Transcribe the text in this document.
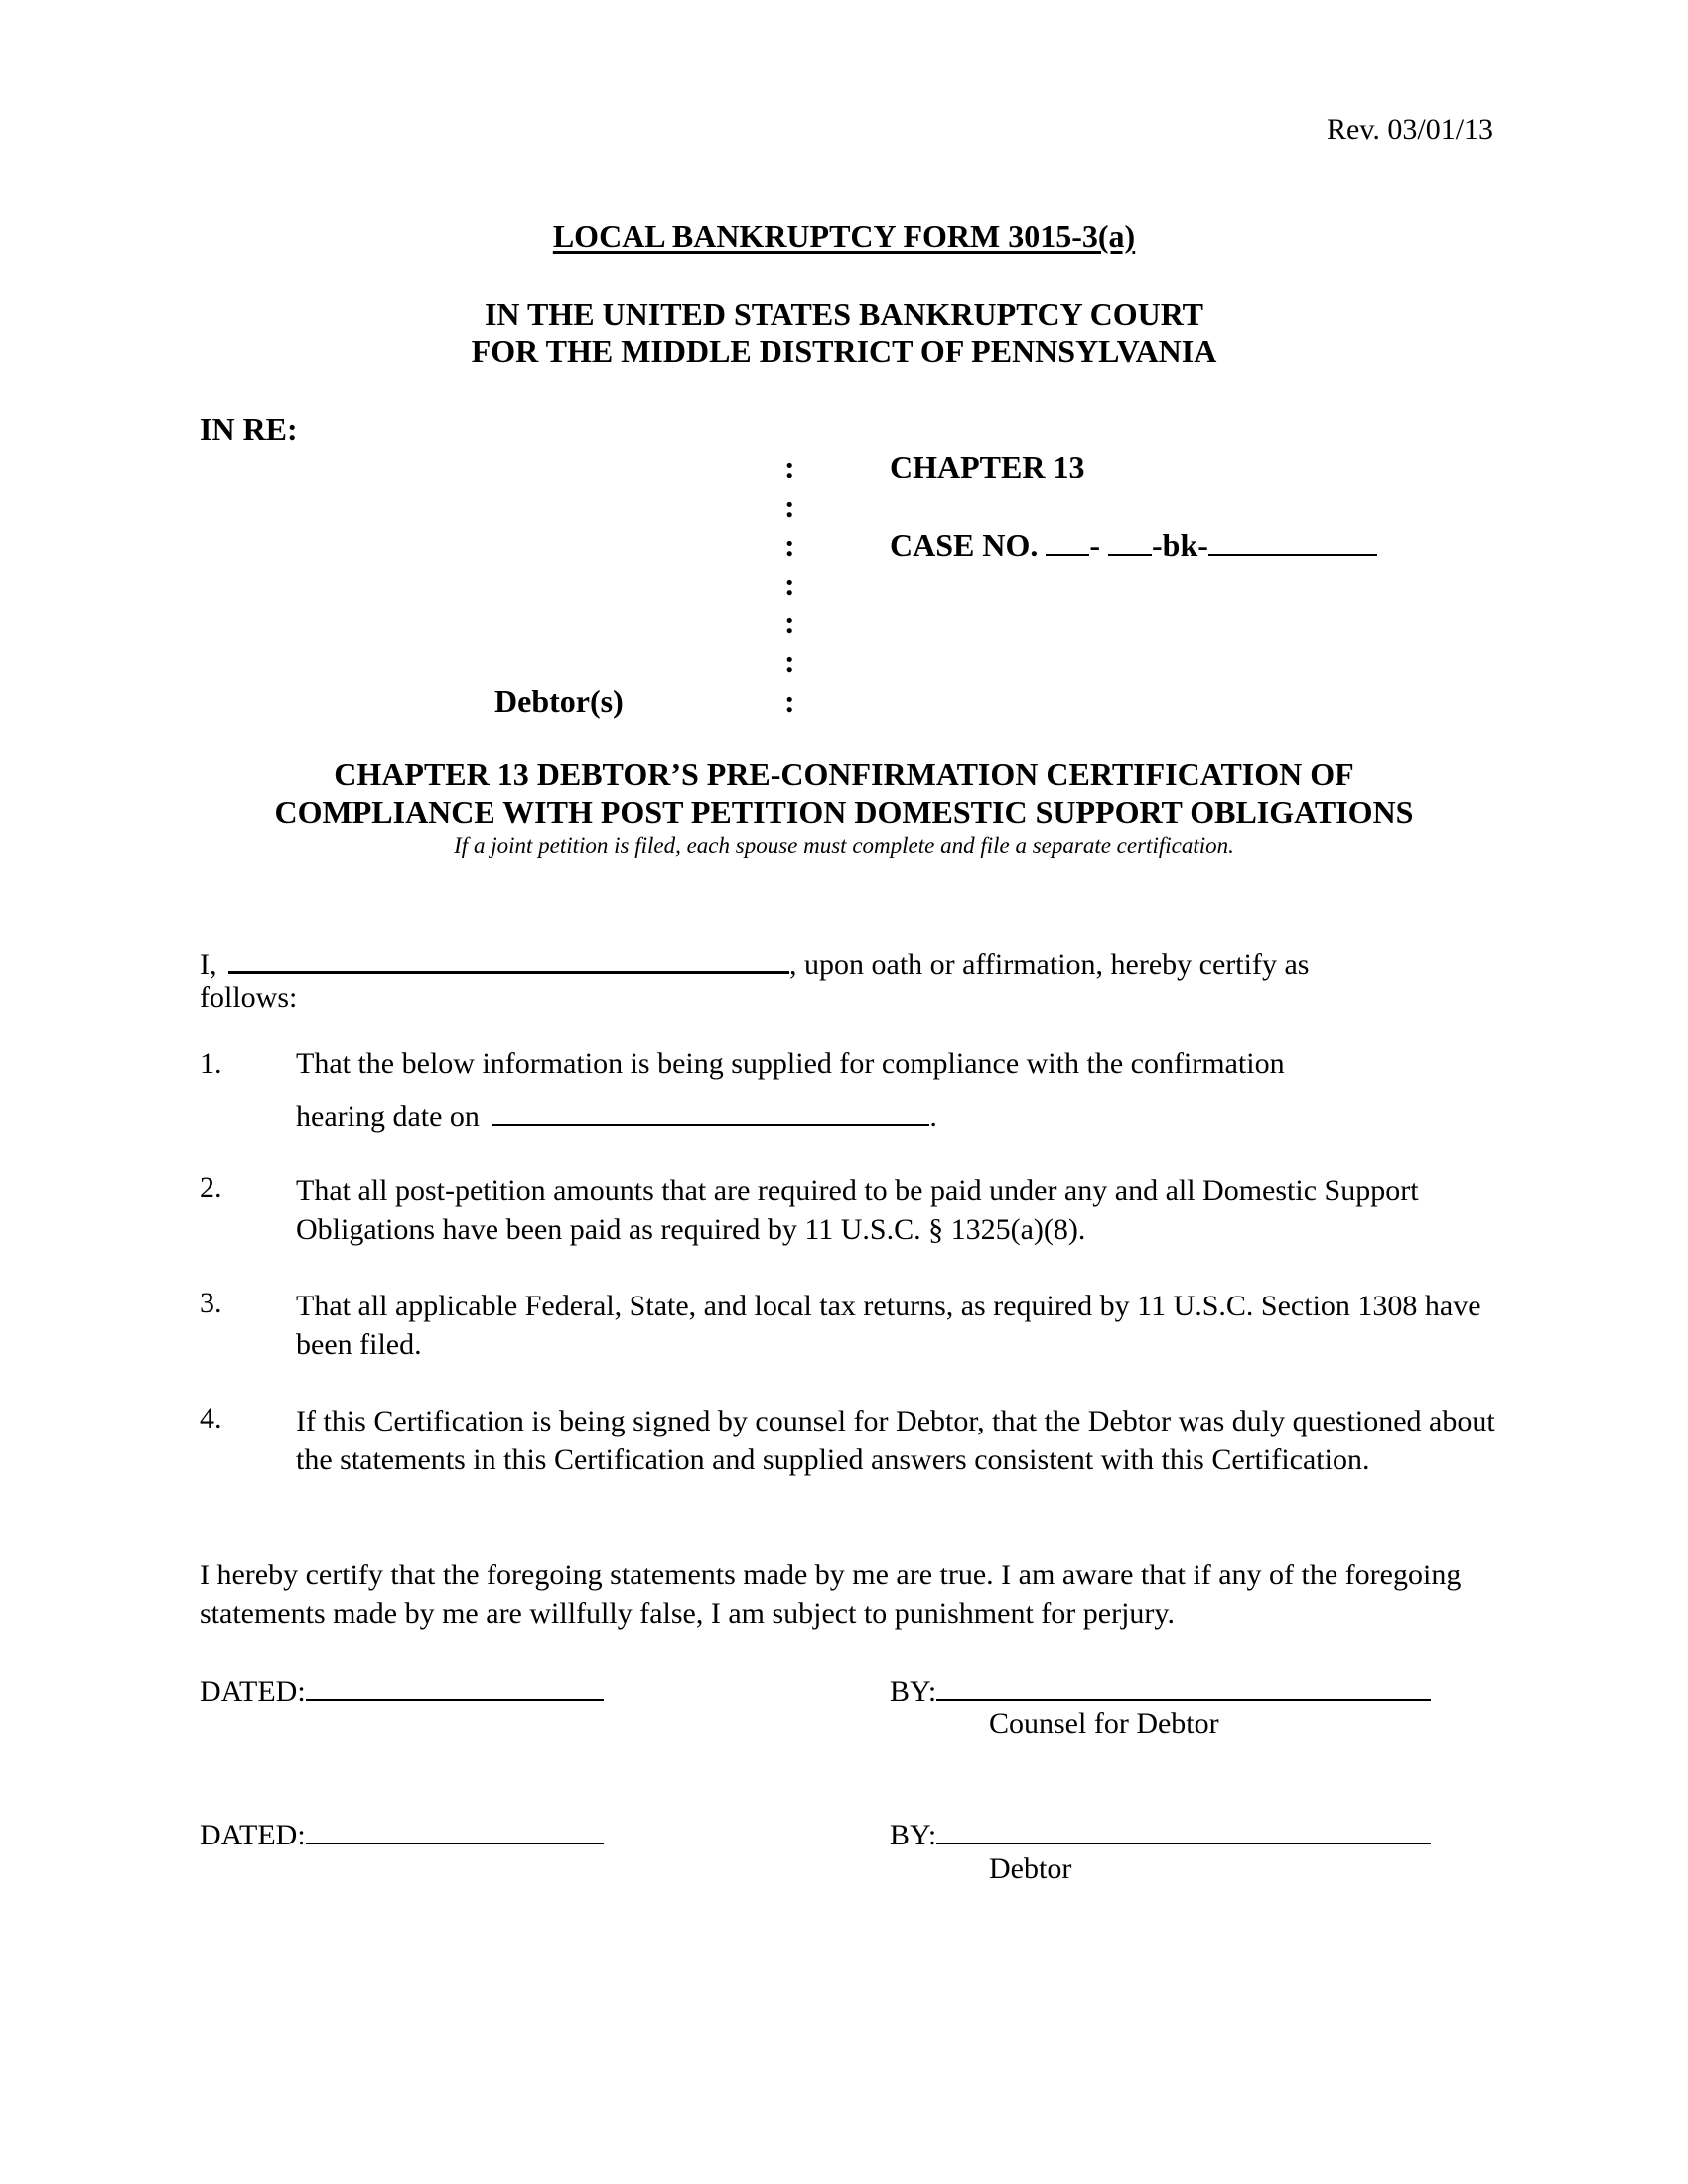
Rev. 03/01/13
LOCAL BANKRUPTCY FORM 3015-3(a)
IN THE UNITED STATES BANKRUPTCY COURT
FOR THE MIDDLE DISTRICT OF PENNSYLVANIA
IN RE:
:
:
:
:
:
:
:
CHAPTER 13
CASE NO. - -bk-
Debtor(s)
CHAPTER 13 DEBTOR’S PRE-CONFIRMATION CERTIFICATION OF
COMPLIANCE WITH POST PETITION DOMESTIC SUPPORT OBLIGATIONS
If a joint petition is filed, each spouse must complete and file a separate certification.
I,	, upon oath or affirmation, hereby certify as
follows:
1. That the below information is being supplied for compliance with the confirmation
hearing date on	.
2. That all post-petition amounts that are required to be paid under any and all Domestic Support Obligations have been paid as required by 11 U.S.C. § 1325(a)(8).
3. That all applicable Federal, State, and local tax returns, as required by 11 U.S.C. Section 1308 have been filed.
4. If this Certification is being signed by counsel for Debtor, that the Debtor was duly questioned about the statements in this Certification and supplied answers consistent with this Certification.
I hereby certify that the foregoing statements made by me are true. I am aware that if any of the foregoing statements made by me are willfully false, I am subject to punishment for perjury.
DATED:	BY:
Counsel for Debtor
DATED:	BY:
Debtor
